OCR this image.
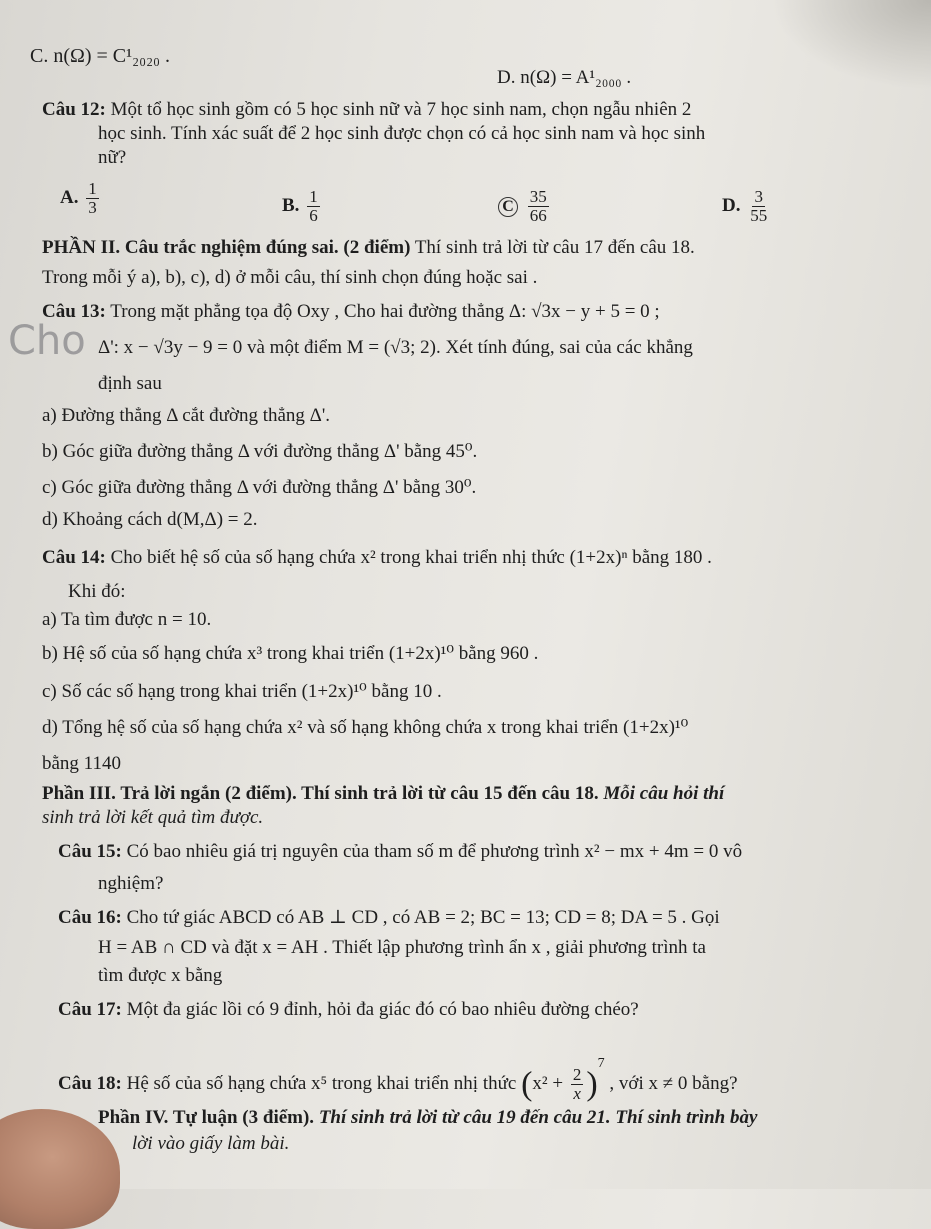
C. n(Ω) = C¹₂₀₂₀ .
D. n(Ω) = A¹₂₀₀₀ .
Câu 12: Một tổ học sinh gồm có 5 học sinh nữ và 7 học sinh nam, chọn ngẫu nhiên 2
học sinh. Tính xác suất để 2 học sinh được chọn có cả học sinh nam và học sinh
nữ?
A. $\frac{1}{3}$	B. $\frac{1}{6}$	C $\frac{35}{66}$	D. $\frac{3}{55}$
PHẦN II. Câu trắc nghiệm đúng sai. (2 điểm) Thí sinh trả lời từ câu 17 đến câu 18.
Trong mỗi ý a), b), c), d) ở mỗi câu, thí sinh chọn đúng hoặc sai .
Câu 13: Trong mặt phẳng tọa độ Oxy , Cho hai đường thẳng Δ: √3x − y + 5 = 0 ;
Cho Δ': x − √3y − 9 = 0 và một điểm M = (√3; 2). Xét tính đúng, sai của các khẳng
định sau
a) Đường thẳng Δ cắt đường thẳng Δ'.
b) Góc giữa đường thẳng Δ với đường thẳng Δ' bằng 45⁰.
c) Góc giữa đường thẳng Δ với đường thẳng Δ' bằng 30⁰.
d) Khoảng cách d(M,Δ) = 2.
Câu 14: Cho biết hệ số của số hạng chứa x² trong khai triển nhị thức (1+2x)ⁿ bằng 180 .
Khi đó:
a) Ta tìm được n = 10.
b) Hệ số của số hạng chứa x³ trong khai triển (1+2x)¹⁰ bằng 960 .
c) Số các số hạng trong khai triển (1+2x)¹⁰ bằng 10 .
d) Tổng hệ số của số hạng chứa x² và số hạng không chứa x trong khai triển (1+2x)¹⁰
bằng 1140
Phần III. Trả lời ngắn (2 điểm). Thí sinh trả lời từ câu 15 đến câu 18. Mỗi câu hỏi thí
sinh trả lời kết quả tìm được.
Câu 15: Có bao nhiêu giá trị nguyên của tham số m để phương trình x² − mx + 4m = 0 vô
nghiệm?
Câu 16: Cho tứ giác ABCD có AB ⊥ CD , có AB = 2; BC = 13; CD = 8; DA = 5 . Gọi
H = AB ∩ CD và đặt x = AH . Thiết lập phương trình ẩn x , giải phương trình ta
tìm được x bằng
Câu 17: Một đa giác lồi có 9 đỉnh, hỏi đa giác đó có bao nhiêu đường chéo?
Câu 18: Hệ số của số hạng chứa x⁵ trong khai triển nhị thức $(x^2 + \frac{2}{x} )^7$ , với x ≠ 0 bằng?
Phần IV. Tự luận (3 điểm). Thí sinh trả lời từ câu 19 đến câu 21. Thí sinh trình bày
lời vào giấy làm bài.
